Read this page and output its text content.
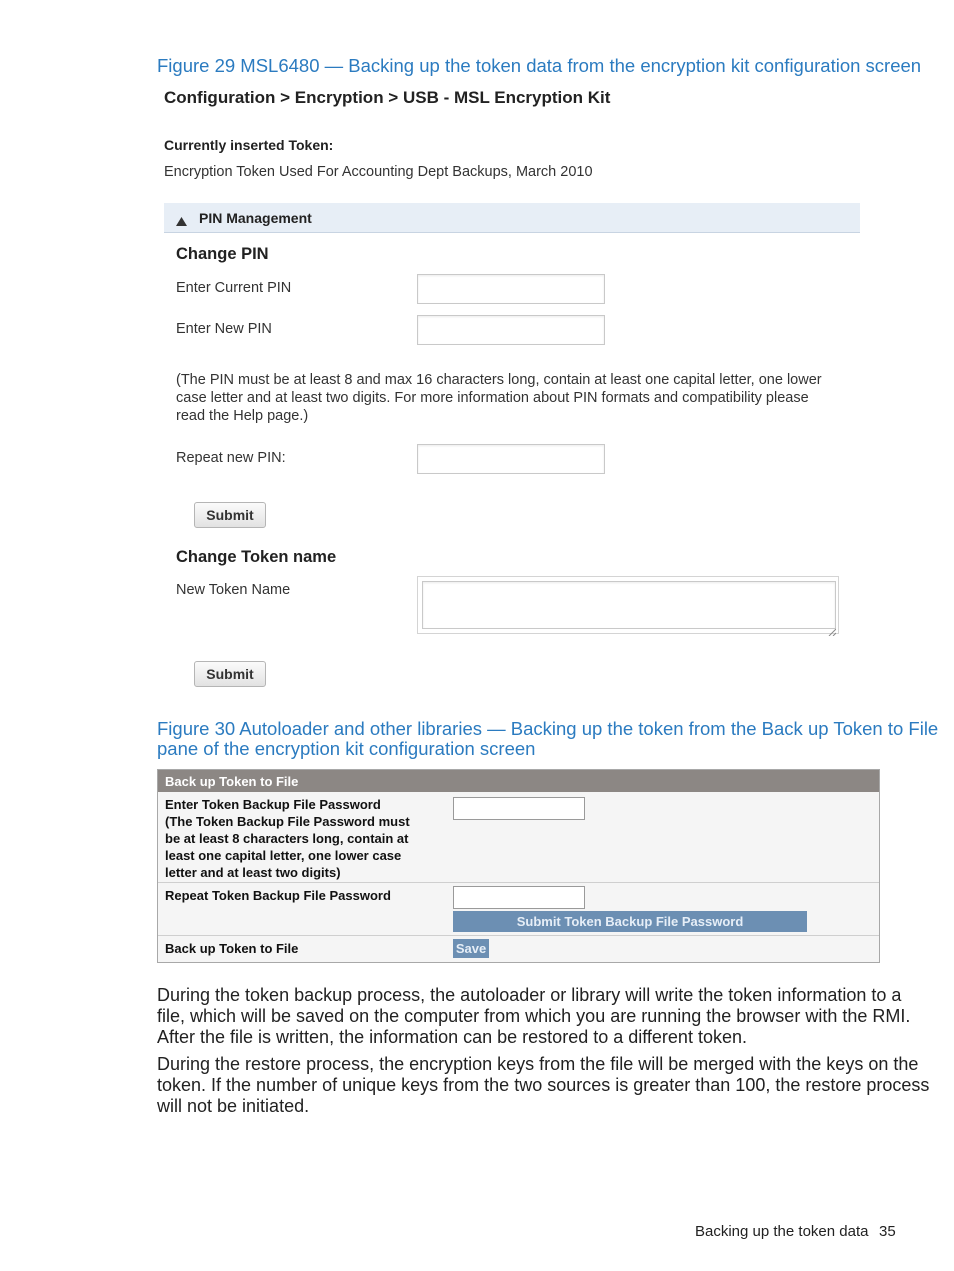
Figure 29 MSL6480 — Backing up the token data from the encryption kit configuration screen
Configuration > Encryption > USB - MSL Encryption Kit
Currently inserted Token:
Encryption Token Used For Accounting Dept Backups, March 2010
PIN Management
Change PIN
Enter Current PIN
Enter New PIN
(The PIN must be at least 8 and max 16 characters long, contain at least one capital letter, one lower
case letter and at least two digits. For more information about PIN formats and compatibility please
read the Help page.)
Repeat new PIN:
Submit
Change Token name
New Token Name
Submit
Figure 30 Autoloader and other libraries — Backing up the token from the Back up Token to File
pane of the encryption kit configuration screen
Back up Token to File
Enter Token Backup File Password
(The Token Backup File Password must
be at least 8 characters long, contain at
least one capital letter, one lower case
letter and at least two digits)
Repeat Token Backup File Password
Submit Token Backup File Password
Back up Token to File	Save
During the token backup process, the autoloader or library will write the token information to a
file, which will be saved on the computer from which you are running the browser with the RMI.
After the file is written, the information can be restored to a different token.
During the restore process, the encryption keys from the file will be merged with the keys on the
token. If the number of unique keys from the two sources is greater than 100, the restore process
will not be initiated.
Backing up the token data 35
